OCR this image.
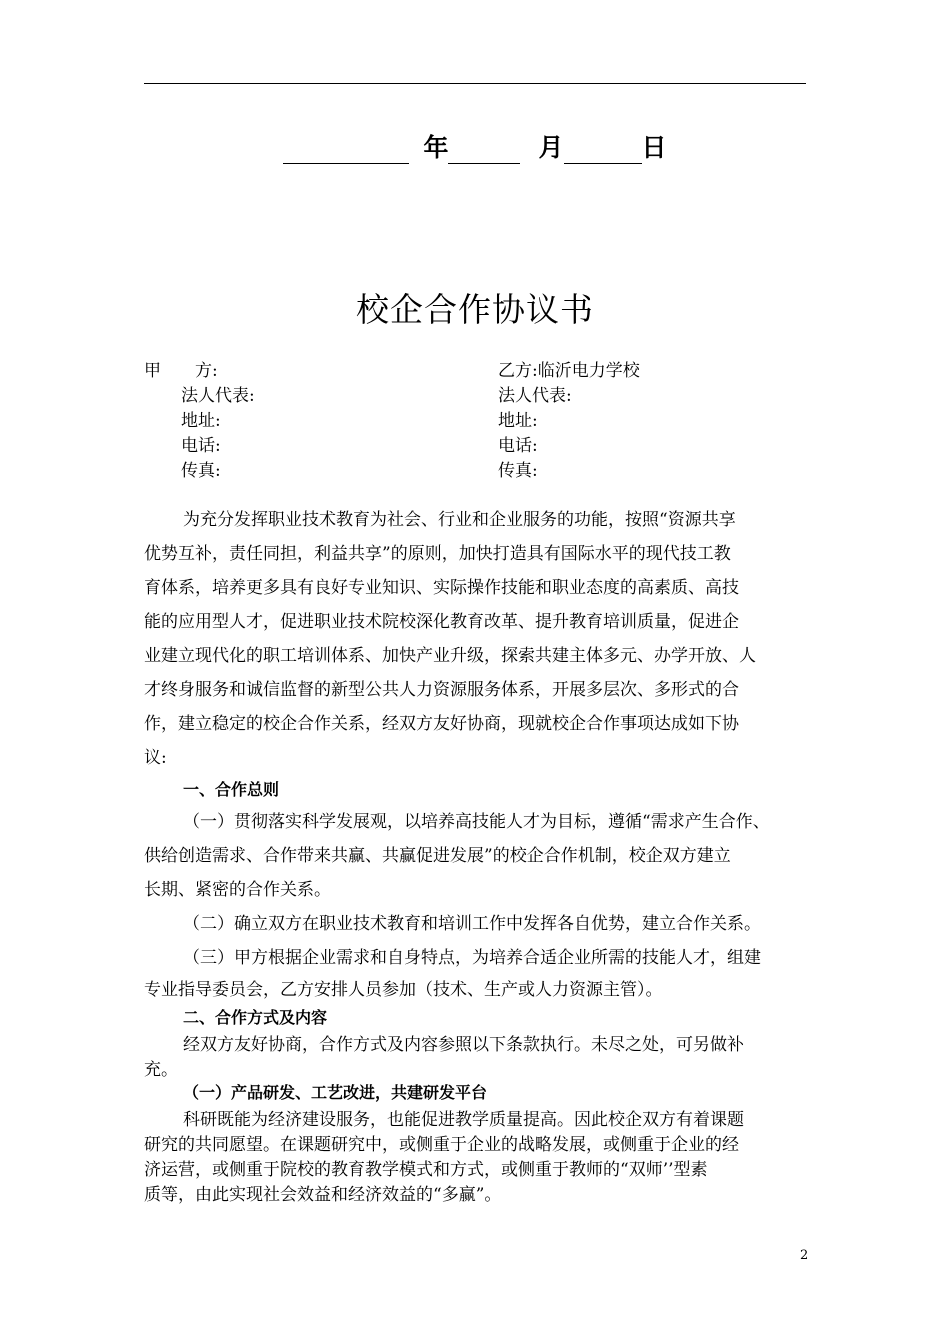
年	月	日
校企合作协议书
甲　　方:
法人代表:
地址:
电话:
传真:
乙方:临沂电力学校
法人代表:
地址:
电话:
传真:
为充分发挥职业技术教育为社会、行业和企业服务的功能，按照“资源共享
优势互补，责任同担，利益共享”的原则，加快打造具有国际水平的现代技工教
育体系，培养更多具有良好专业知识、实际操作技能和职业态度的高素质、高技
能的应用型人才，促进职业技术院校深化教育改革、提升教育培训质量，促进企
业建立现代化的职工培训体系、加快产业升级，探索共建主体多元、办学开放、人
才终身服务和诚信监督的新型公共人力资源服务体系，开展多层次、多形式的合
作，建立稳定的校企合作关系，经双方友好协商，现就校企合作事项达成如下协
议:
一、合作总则
（一）贯彻落实科学发展观，以培养高技能人才为目标，遵循“需求产生合作、
供给创造需求、合作带来共赢、共赢促进发展”的校企合作机制，校企双方建立
长期、紧密的合作关系。
（二）确立双方在职业技术教育和培训工作中发挥各自优势，建立合作关系。
（三）甲方根据企业需求和自身特点，为培养合适企业所需的技能人才，组建
专业指导委员会，乙方安排人员参加（技术、生产或人力资源主管）。
二、合作方式及内容
经双方友好协商，合作方式及内容参照以下条款执行。未尽之处，可另做补
充。
（一）产品研发、工艺改进，共建研发平台
科研既能为经济建设服务，也能促进教学质量提高。因此校企双方有着课题
研究的共同愿望。在课题研究中，或侧重于企业的战略发展，或侧重于企业的经
济运营，或侧重于院校的教育教学模式和方式，或侧重于教师的“双师’’型素
质等，由此实现社会效益和经济效益的“多赢”。
2
